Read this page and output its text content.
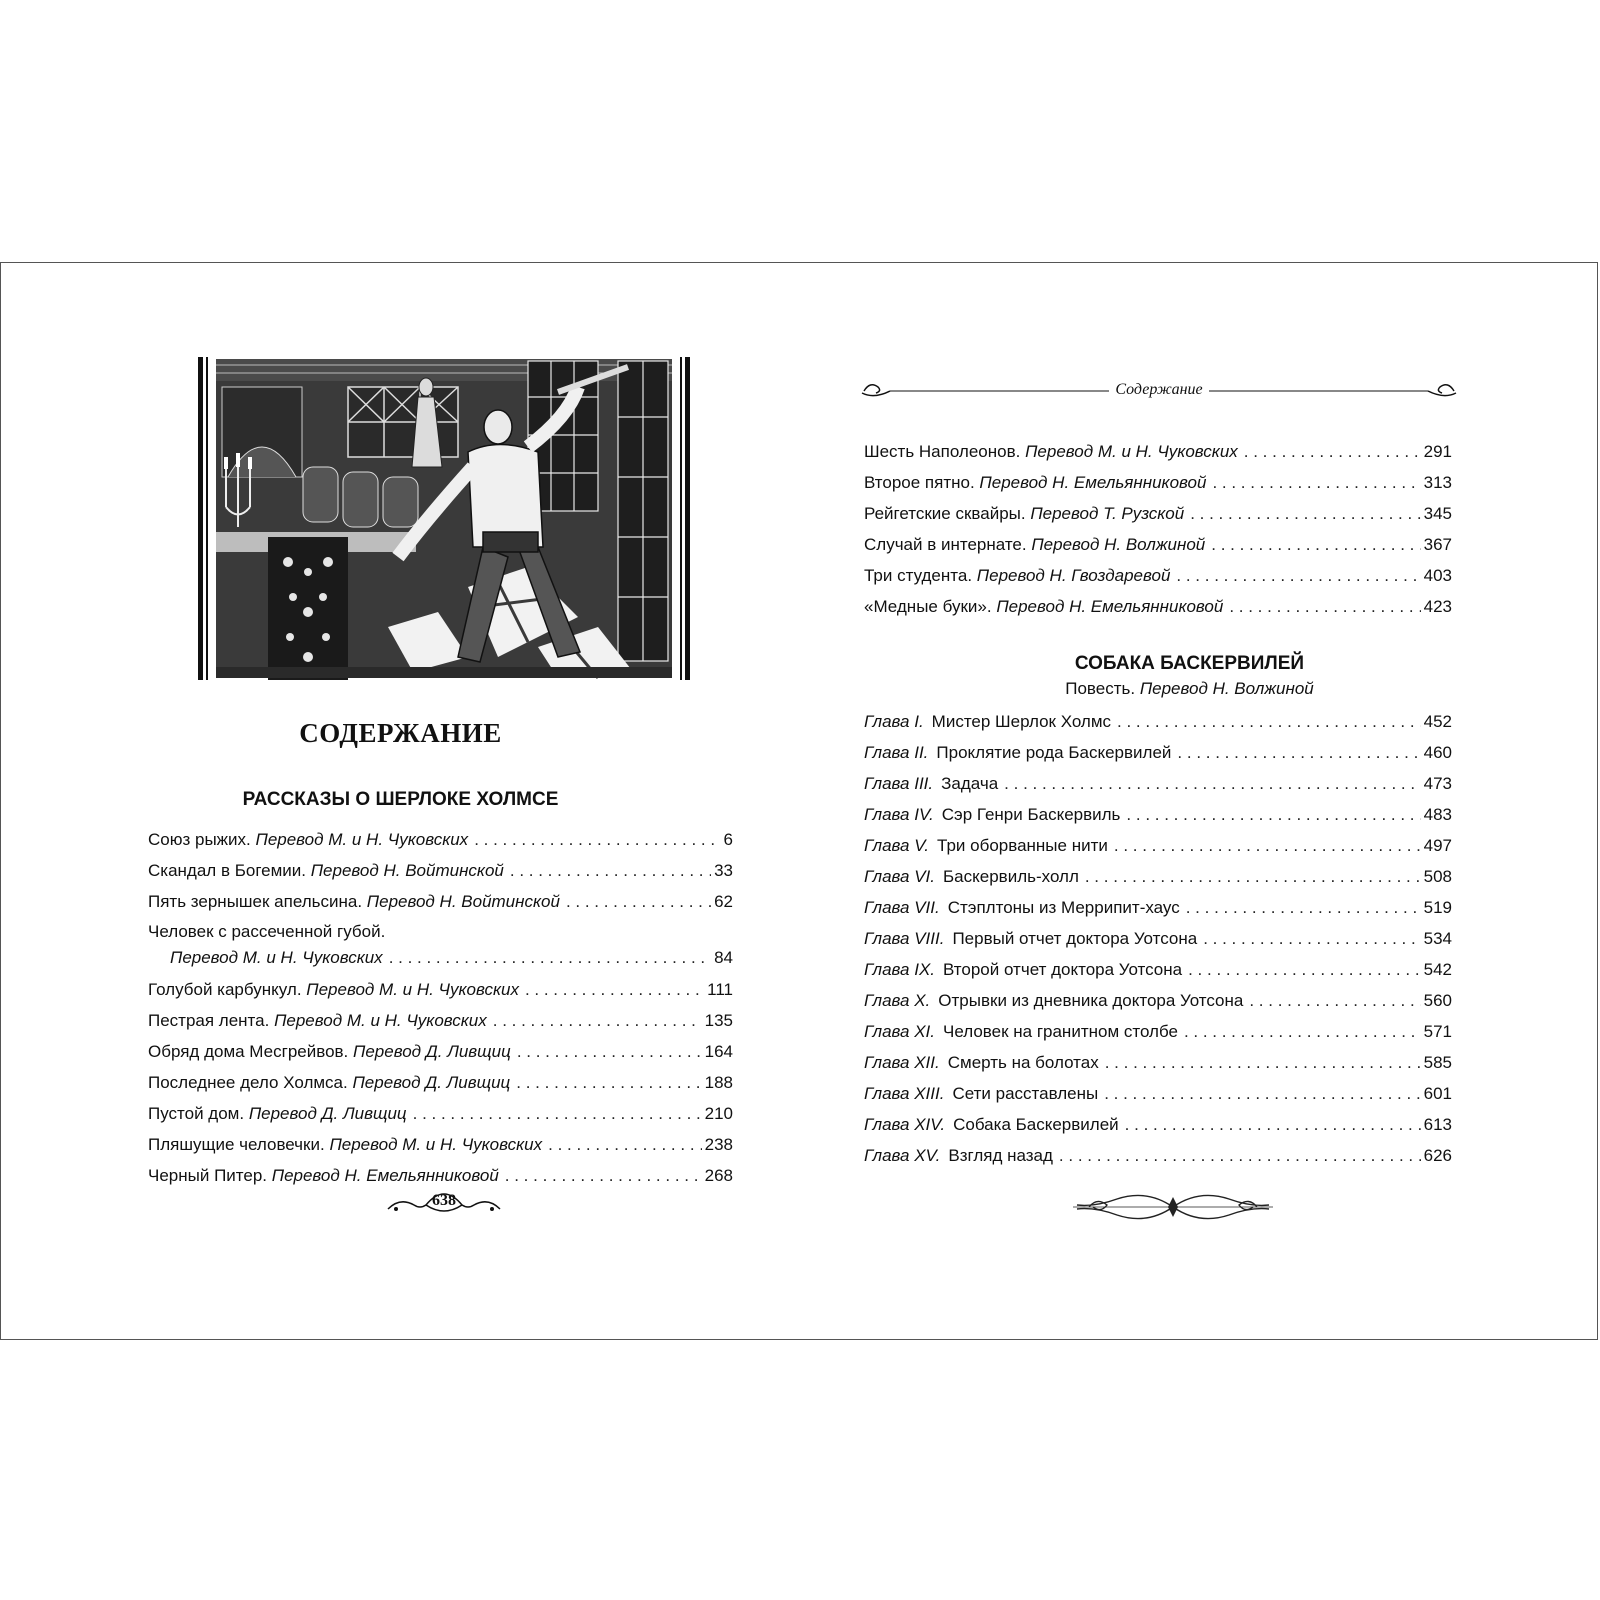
СОДЕРЖАНИЕ
РАССКАЗЫ О ШЕРЛОКЕ ХОЛМСЕ
Союз рыжих.
Перевод М. и Н. Чуковских . . .	6
Скандал в Богемии.
Перевод Н. Войтинской . . .	33
Пять зернышек апельсина.
Перевод Н. Войтинской . . .	62
Человек с рассеченной губой.
Перевод М. и Н. Чуковских . . .	84
Голубой карбункул.
Перевод М. и Н. Чуковских . . .	111
Пестрая лента.
Перевод М. и Н. Чуковских . . .	135
Обряд дома Месгрейвов.
Перевод Д. Ливщиц . . .	164
Последнее дело Холмса.
Перевод Д. Ливщиц . . .	188
Пустой дом.
Перевод Д. Ливщиц . . .	210
Пляшущие человечки.
Перевод М. и Н. Чуковских . . .	238
Черный Питер.
Перевод Н. Емельянниковой . . .	268
638
Содержание
Шесть Наполеонов.
Перевод М. и Н. Чуковских . . .	291
Второе пятно.
Перевод Н. Емельянниковой . . .	313
Рейгетские сквайры.
Перевод Т. Рузской . . .	345
Случай в интернате.
Перевод Н. Волжиной . . .	367
Три студента.
Перевод Н. Гвоздаревой . . .	403
«Медные буки».
Перевод Н. Емельянниковой . . .	423
СОБАКА БАСКЕРВИЛЕЙ
Повесть. Перевод Н. Волжиной
Глава I. Мистер Шерлок Холмс . . .	452
Глава II. Проклятие рода Баскервилей . . .	460
Глава III. Задача . . .	473
Глава IV. Сэр Генри Баскервиль . . .	483
Глава V. Три оборванные нити . . .	497
Глава VI. Баскервиль-холл . . .	508
Глава VII. Стэплтоны из Меррипит-хаус . . .	519
Глава VIII. Первый отчет доктора Уотсона . . .	534
Глава IX. Второй отчет доктора Уотсона . . .	542
Глава X. Отрывки из дневника доктора Уотсона . . .	560
Глава XI. Человек на гранитном столбе . . .	571
Глава XII. Смерть на болотах . . .	585
Глава XIII. Сети расставлены . . .	601
Глава XIV. Собака Баскервилей . . .	613
Глава XV. Взгляд назад . . .	626
